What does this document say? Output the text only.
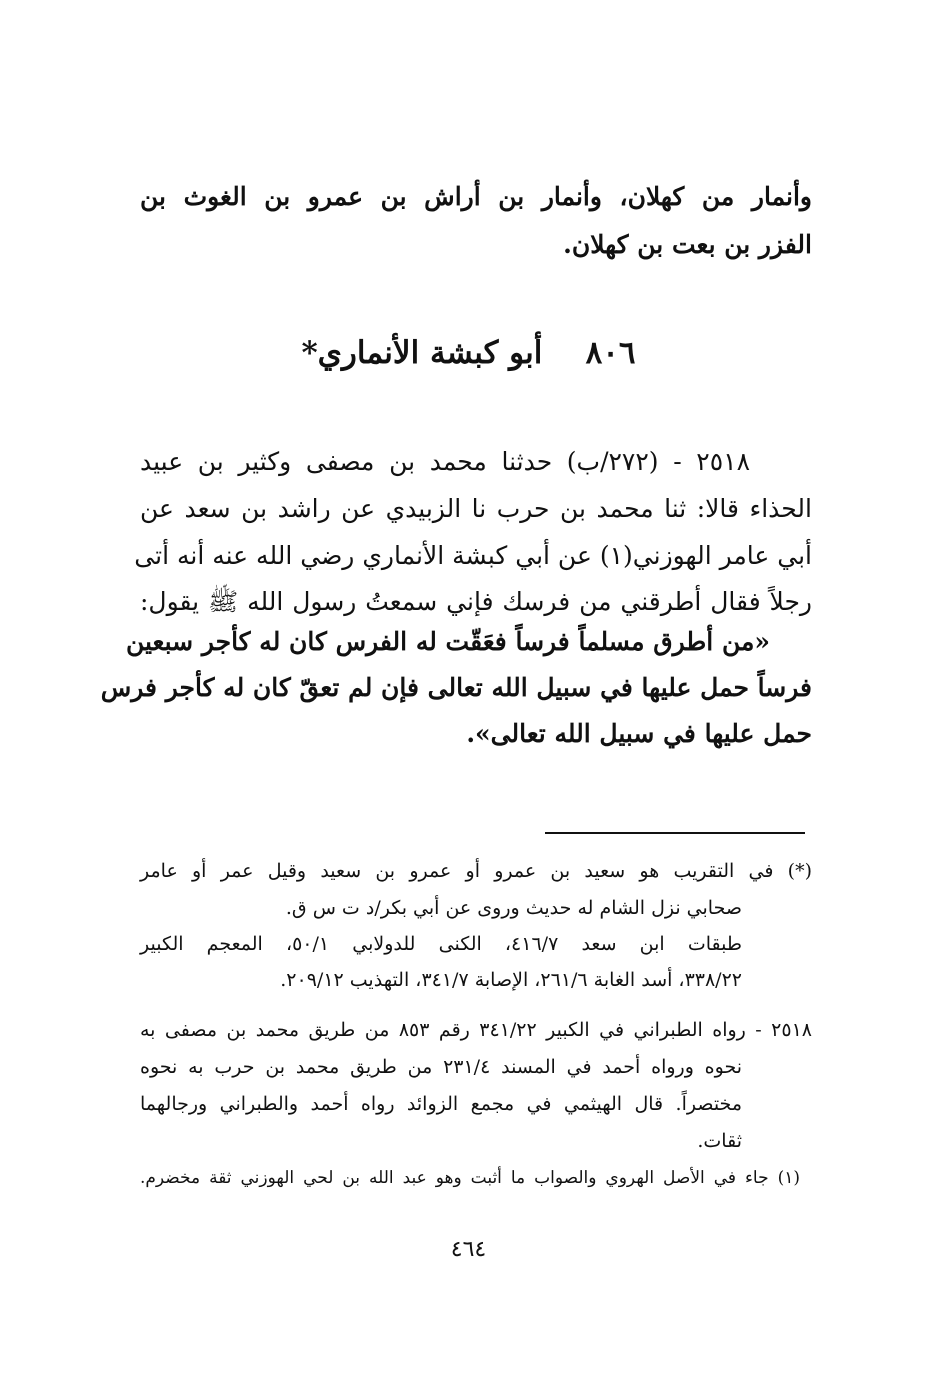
وأنمار من كهلان، وأنمار بن أراش بن عمرو بن الغوث بن
الفزر بن بعت بن كهلان.
٨٠٦    أبو كبشة الأنماري*
٢٥١٨ - (٢٧٢/ب) حدثنا محمد بن مصفى وكثير بن عبيد
الحذاء قالا: ثنا محمد بن حرب نا الزبيدي عن راشد بن سعد عن
أبي عامر الهوزني(١) عن أبي كبشة الأنماري رضي الله عنه أنه أتى
رجلاً فقال أطرقني من فرسك فإني سمعتُ رسول الله ﷺ يقول:
«من أطرق مسلماً فرساً فعَقّت له الفرس كان له كأجر سبعين
فرساً حمل عليها في سبيل الله تعالى فإن لم تعقّ كان له كأجر فرس
حمل عليها في سبيل الله تعالى».
(*) في التقريب هو سعيد بن عمرو أو عمرو بن سعيد وقيل عمر أو عامر
صحابي نزل الشام له حديث وروى عن أبي بكر/د ت س ق.
طبقات ابن سعد ٤١٦/٧، الكنى للدولابي ٥٠/١، المعجم الكبير
٣٣٨/٢٢، أسد الغابة ٢٦١/٦، الإصابة ٣٤١/٧، التهذيب ٢٠٩/١٢.
٢٥١٨ - رواه الطبراني في الكبير ٣٤١/٢٢ رقم ٨٥٣ من طريق محمد بن مصفى به
نحوه ورواه أحمد في المسند ٢٣١/٤ من طريق محمد بن حرب به نحوه
مختصراً. قال الهيثمي في مجمع الزوائد رواه أحمد والطبراني ورجالهما
ثقات.
(١) جاء في الأصل الهروي والصواب ما أثبت وهو عبد الله بن لحي الهوزني ثقة مخضرم.
٤٦٤
